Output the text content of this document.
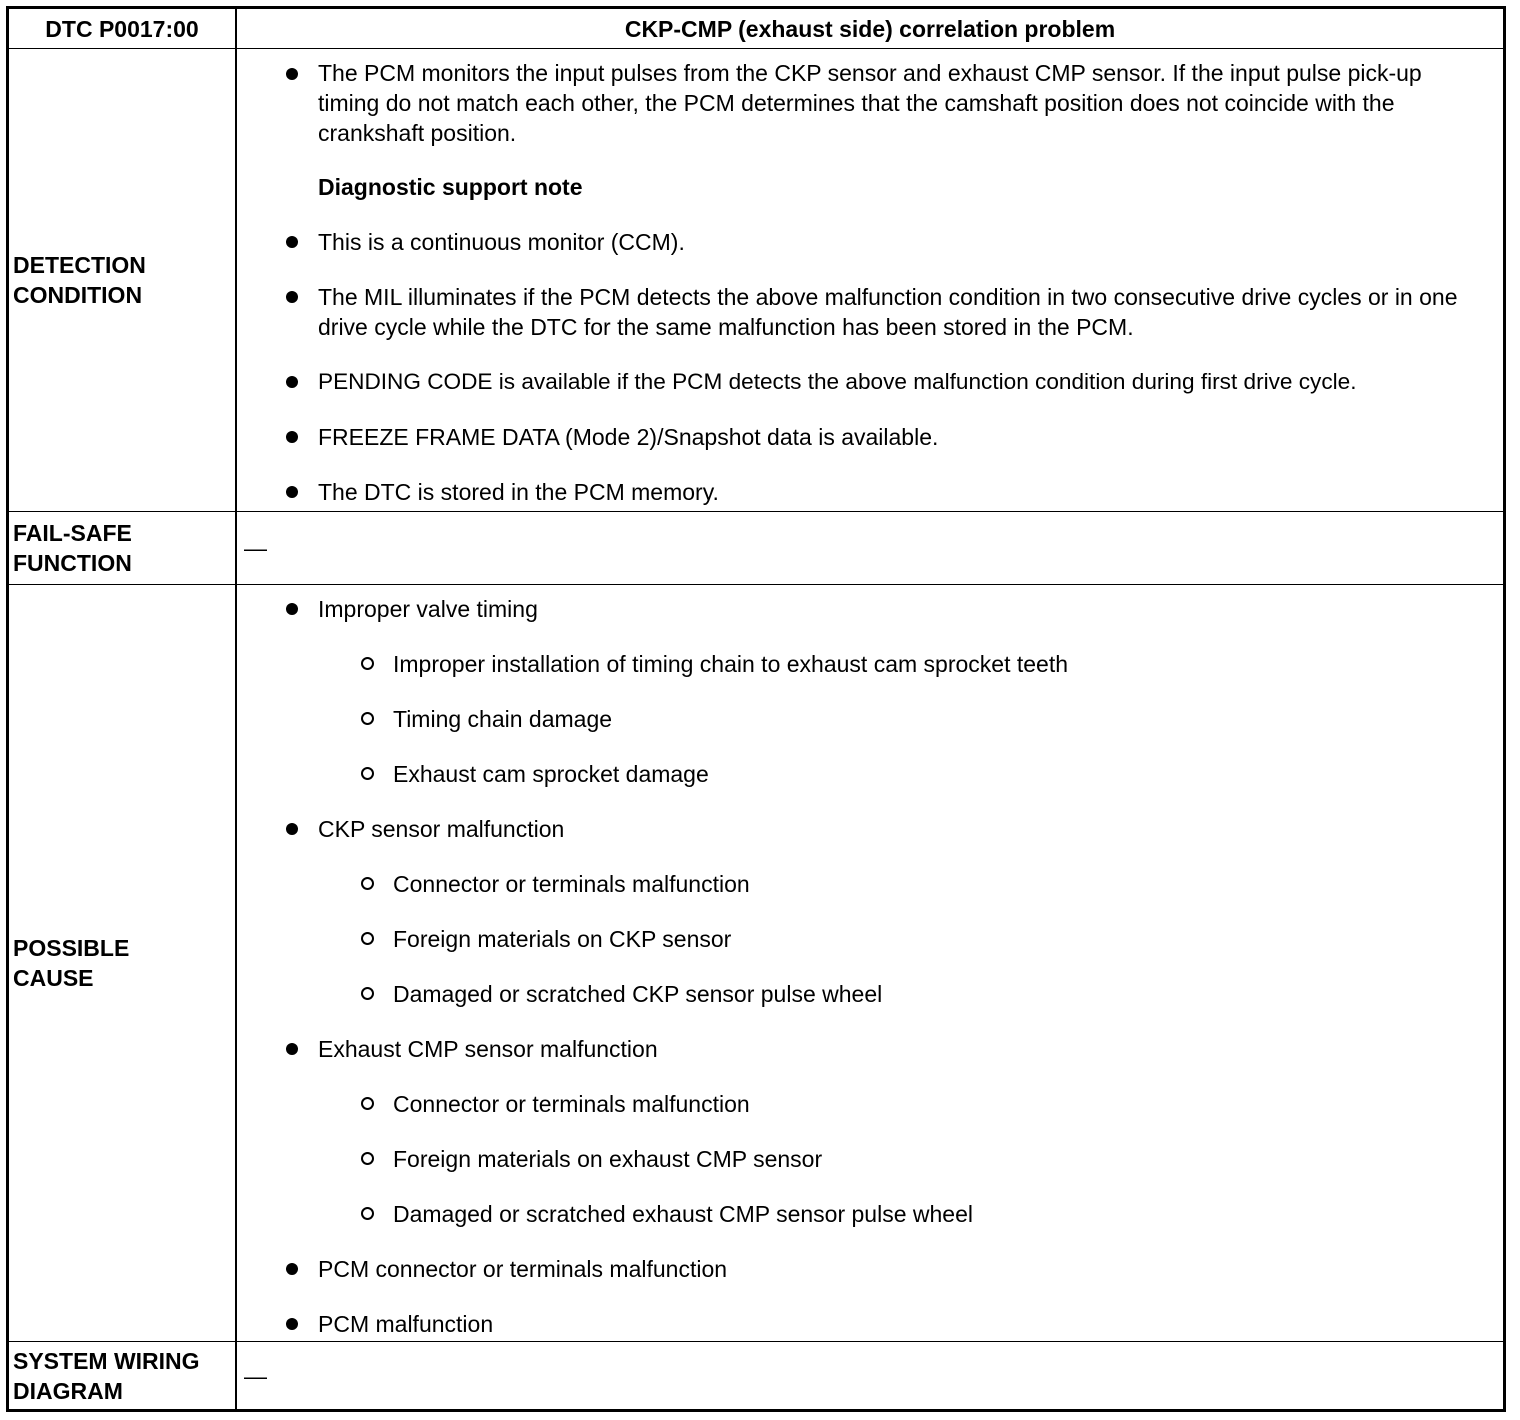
DTC P0017:00	CKP-CMP (exhaust side) correlation problem
DETECTION
CONDITION
The PCM monitors the input pulses from the CKP sensor and exhaust CMP sensor. If the input pulse pick-up timing do not match each other, the PCM determines that the camshaft position does not coincide with the crankshaft position.
Diagnostic support note
This is a continuous monitor (CCM).
The MIL illuminates if the PCM detects the above malfunction condition in two consecutive drive cycles or in one drive cycle while the DTC for the same malfunction has been stored in the PCM.
PENDING CODE is available if the PCM detects the above malfunction condition during first drive cycle.
FREEZE FRAME DATA (Mode 2)/Snapshot data is available.
The DTC is stored in the PCM memory.
FAIL-SAFE
FUNCTION
—
POSSIBLE
CAUSE
Improper valve timing
Improper installation of timing chain to exhaust cam sprocket teeth
Timing chain damage
Exhaust cam sprocket damage
CKP sensor malfunction
Connector or terminals malfunction
Foreign materials on CKP sensor
Damaged or scratched CKP sensor pulse wheel
Exhaust CMP sensor malfunction
Connector or terminals malfunction
Foreign materials on exhaust CMP sensor
Damaged or scratched exhaust CMP sensor pulse wheel
PCM connector or terminals malfunction
PCM malfunction
SYSTEM WIRING
DIAGRAM
—
